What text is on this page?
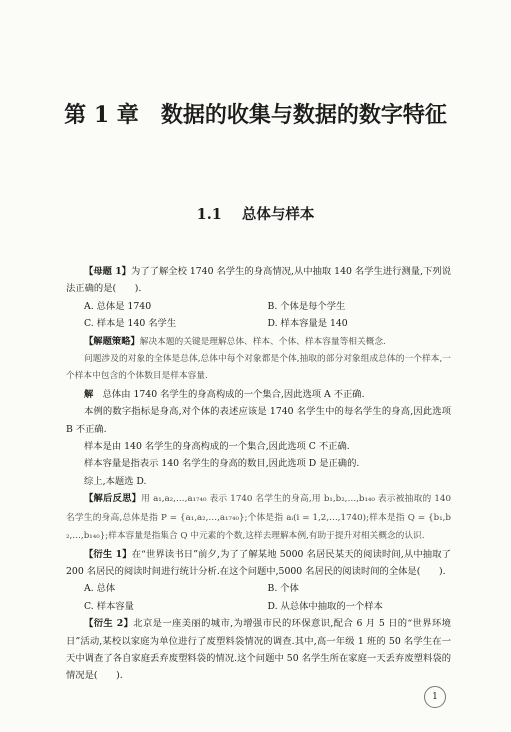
第 1 章 数据的收集与数据的数字特征
1.1 总体与样本

【母题 1】为了了解全校 1740 名学生的身高情况,从中抽取 140 名学生进行测量,下列说法正确的是(　　).

A. 总体是 1740	B. 个体是每个学生
C. 样本是 140 名学生	D. 样本容量是 140

【解题策略】解决本题的关键是理解总体、样本、个体、样本容量等相关概念.

问题涉及的对象的全体是总体,总体中每个对象都是个体,抽取的部分对象组成总体的一个样本,一个样本中包含的个体数目是样本容量.

解　 总体由 1740 名学生的身高构成的一个集合,因此选项 A 不正确.

本例的数字指标是身高,对个体的表述应该是 1740 名学生中的每名学生的身高,因此选项 B 不正确.

样本是由 140 名学生的身高构成的一个集合,因此选项 C 不正确.

样本容量是指表示 140 名学生的身高的数目,因此选项 D 是正确的.

综上,本题选 D.

【解后反思】用 a₁,a₂,…,a₁₇₄₀ 表示 1740 名学生的身高,用 b₁,b₂,…,b₁₄₀ 表示被抽取的 140 名学生的身高,总体是指 P = {a₁,a₂,…,a₁₇₄₀};个体是指 aᵢ(i = 1,2,…,1740);样本是指 Q = {b₁,b₂,…,b₁₄₀};样本容量是指集合 Q 中元素的个数,这样去理解本例,有助于提升对相关概念的认识.

【衍生 1】在“世界读书日”前夕,为了了解某地 5000 名居民某天的阅读时间,从中抽取了 200 名居民的阅读时间进行统计分析.在这个问题中,5000 名居民的阅读时间的全体是(　　).

A. 总体	B. 个体
C. 样本容量	D. 从总体中抽取的一个样本

【衍生 2】北京是一座美丽的城市,为增强市民的环保意识,配合 6 月 5 日的“世界环境日”活动,某校以家庭为单位进行了废塑料袋情况的调查.其中,高一年级 1 班的 50 名学生在一天中调查了各自家庭丢弃废塑料袋的情况.这个问题中 50 名学生所在家庭一天丢弃废塑料袋的情况是(　　).

1
